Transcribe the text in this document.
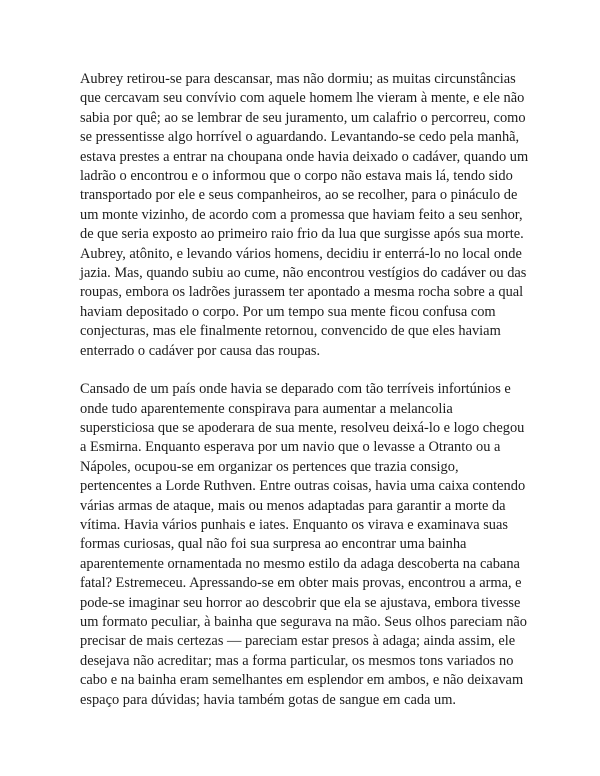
Aubrey retirou-se para descansar, mas não dormiu; as muitas circunstâncias que cercavam seu convívio com aquele homem lhe vieram à mente, e ele não sabia por quê; ao se lembrar de seu juramento, um calafrio o percorreu, como se pressentisse algo horrível o aguardando. Levantando-se cedo pela manhã, estava prestes a entrar na choupana onde havia deixado o cadáver, quando um ladrão o encontrou e o informou que o corpo não estava mais lá, tendo sido transportado por ele e seus companheiros, ao se recolher, para o pináculo de um monte vizinho, de acordo com a promessa que haviam feito a seu senhor, de que seria exposto ao primeiro raio frio da lua que surgisse após sua morte. Aubrey, atônito, e levando vários homens, decidiu ir enterrá-lo no local onde jazia. Mas, quando subiu ao cume, não encontrou vestígios do cadáver ou das roupas, embora os ladrões jurassem ter apontado a mesma rocha sobre a qual haviam depositado o corpo. Por um tempo sua mente ficou confusa com conjecturas, mas ele finalmente retornou, convencido de que eles haviam enterrado o cadáver por causa das roupas.

Cansado de um país onde havia se deparado com tão terríveis infortúnios e onde tudo aparentemente conspirava para aumentar a melancolia supersticiosa que se apoderara de sua mente, resolveu deixá-lo e logo chegou a Esmirna. Enquanto esperava por um navio que o levasse a Otranto ou a Nápoles, ocupou-se em organizar os pertences que trazia consigo, pertencentes a Lorde Ruthven. Entre outras coisas, havia uma caixa contendo várias armas de ataque, mais ou menos adaptadas para garantir a morte da vítima. Havia vários punhais e iates. Enquanto os virava e examinava suas formas curiosas, qual não foi sua surpresa ao encontrar uma bainha aparentemente ornamentada no mesmo estilo da adaga descoberta na cabana fatal? Estremeceu. Apressando-se em obter mais provas, encontrou a arma, e pode-se imaginar seu horror ao descobrir que ela se ajustava, embora tivesse um formato peculiar, à bainha que segurava na mão. Seus olhos pareciam não precisar de mais certezas — pareciam estar presos à adaga; ainda assim, ele desejava não acreditar; mas a forma particular, os mesmos tons variados no cabo e na bainha eram semelhantes em esplendor em ambos, e não deixavam espaço para dúvidas; havia também gotas de sangue em cada um.
